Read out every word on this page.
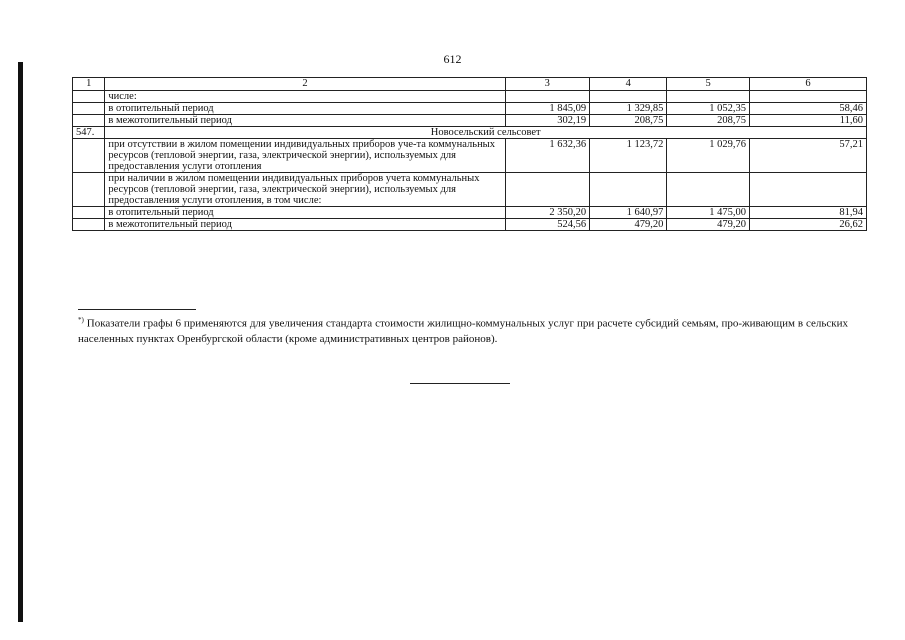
612
1	2	3	4	5	6
	числе:				
	в отопительный период	1 845,09	1 329,85	1 052,35	58,46
	в межотопительный период	302,19	208,75	208,75	11,60
547.	Новосельский сельсовет				
	при отсутствии в жилом помещении индивидуальных приборов уче-та коммунальных ресурсов (тепловой энергии, газа, электрической энергии), используемых для предоставления услуги отопления	1 632,36	1 123,72	1 029,76	57,21
	при наличии в жилом помещении индивидуальных приборов учета коммунальных ресурсов (тепловой энергии, газа, электрической энергии), используемых для предоставления услуги отопления, в том числе:				
	в отопительный период	2 350,20	1 640,97	1 475,00	81,94
	в межотопительный период	524,56	479,20	479,20	26,62
*) Показатели графы 6 применяются для увеличения стандарта стоимости жилищно-коммунальных услуг при расчете субсидий семьям, про-живающим в сельских населенных пунктах Оренбургской области (кроме административных центров районов).
